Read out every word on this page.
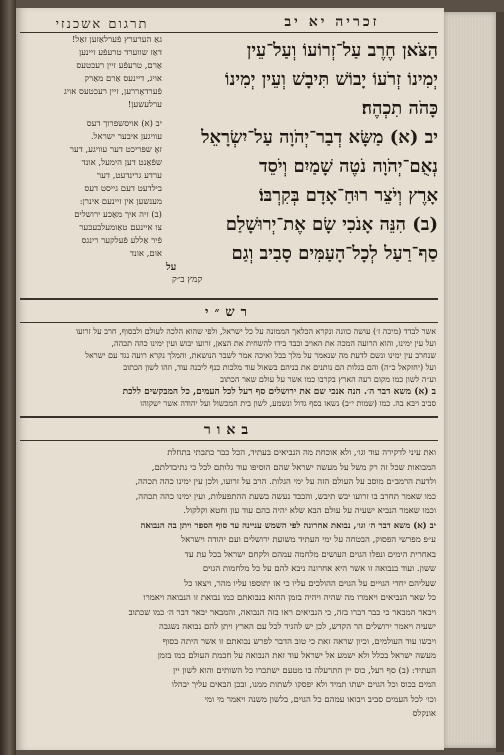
תרגום אשכנזי	זכריה יא יב
הַצֹּאן חֶרֶב עַל־זְרוֹעוֹ וְעַל־עֵין
יְמִינוֹ זְרֹעוֹ יָבוֹשׁ תִּיבָשׁ וְעֵין יְמִינוֹ
כָּהֹה תִכְהֶה׃
יב (א) מַשָּׂא דְבַר־יְהֹוָה עַל־יִשְׂרָאֵל
נְאֻם־יְהֹוָה נֹטֶה שָׁמַיִם וְיֹסֵד
אָרֶץ וְיֹצֵר רוּחַ־אָדָם בְּקִרְבּוֹ׃
(ב) הִנֵּה אָנֹכִי שָׂם אֶת־יְרוּשָׁלַם
סַף־רַעַל לְכָל־הָעַמִּים סָבִיב וְגַם
גאַ הערערץ פֿערלאַזען זאַל!
דאַז שווערד טרעפֿע זיינען
אַרם, טרעפֿע זיין רעכטעס
אויג, דיינעס אַרם מאַרק
פֿערדאָררען, זיין רעכטעס אויג
ערלעשען!
יב (א) אויסשפרוך דעס
עוויגען איבער ישראל.
זאָ שפּריכט דער עוויגע, דער
שפֿאַנט דען הימעל, אונד
ערדע גרינדעט, דער
בילדעט דעם גייסט דעס
מענשען אין זיינעם אינרן:
(ב) זיה איך מאַכע ירושלים
צו איינעם טאַומעלבעכער
פֿיר אַללע פֿעלקער רינגס
אום, אונד
קמץ ב״ק
על
רש״י
אשר לבדד (מיכה ז׳) עושה כוונה ונקרא הכלאך הממונה על כל ישראל, ולפי שהוא הלכה לעולם ולבסוף, חרב על זרועו
ועל עין ימינו, והוא הרועה המכה את האויב וכבד בידו להשחית את הצאן, זרועו יבוש ועין ימינו כהה תכהה,
שנחרב עין ימינו ונשם לדעת מה שנאמר על מלך בבל ואיכה אמר לשבר הנושאת, והמלך נקרא רועה נגד עם ישראל
ועל (יחזקאל כ״ה) והם בגלות הם נותנים את בניהם בשאול עוד מלכות כנף ליבנה עוד, וזהו לשון הכתוב
וע״ה לשון כמו מקום רעה הארץ בקרבו כמו אשר על עולם שאר הכתוב
ב (א) משא דבר ה׳. הנה אנכי שם את ירושלים סף רעל לכל העמים, כל המבקשים ללכת
סביב ויבא בה. כמו (שמות י״ב) נשאו בסף גדול ונשמע, לשון בית המכשול ועל יהודה אשר ישקוהו
באור
ואת עיני לדקירה עוד וגו׳, ולא אוכחת מה הנביאים בעתיד, הכל כבר כתבתי בתחלת
המבואות שכל זה רק משל על מעשה ישראל שהם הוסיפו עוד גלותם לכל כי נתיבדלתם,
ולדעת הרמב״ם מוסב על העולם הזה על ימי הגלות. הרב על זרועו, ולכן עין ימינו כהה תכהה,
כמו שאמר תחרב בו זרועו יבש תיבש, והכבד נעשה בשעת ההתפעלות, ועין ימינו כהה תכהה,
וכמו שאמר הנביא ישעיה על עולם הבא שלא יהיה בהם עוד עון וחטא וקלקול.
יב (א) משא דבר ה׳ וגו׳, נבואת אחרונה לפי השמש עניינה עד סוף הספר ויתן בה הנבואה
ע״פ מפרשי הפסוק, הבטחה על ימי העתיד משועת ירושלים ועם יהודה וישראל
באחרית הימים ונפלו הגוים העושים מלחמה עמהם ולקחם ישראל בכל עת עד
ששון. ועוד בנבואה זו אשר היא אחרונה ניבא להם על כל מלחמות הגוים
שעליהם יחדי הגויים על הגוים ההולכים עליו כי אז יתוספו עליו מהר, ויצאו כל
כל שאר הנביאים ויאמרו מה שהיה ויהיה בזמן ההוא בנבואתם כמו נבואת זו הנבואה ויאמרו
ויבאר המבאר כי כבר דברו בזה, כי הנביאים ראו בזה הנבואה, והמבאר יבאר דבר ה׳ כמו שכתוב
ישעיה ויאמר ירושלים הר הקדש, לכן יש להגיד לכל עם הארץ ויתן להם נבואה נשגבה
ויבשו עוד העולמים, וכיון שראה זאת כי טוב הדבר לפרש נבואתם זו אשר היתה בסוף
מעשה ישראל בכלל ולא ישמע אל ישראל עוד זאת הנבואה על חכמת העולם כמו בזמן
העתיד: (ב) סף רעל, כוס יין התרעלה בו מטעם ישתכרו כל השותים והוא לשון יין
המים בכוס וכל הגוים ישתו תמיד ולא יפסקו לשתות ממנו, ובכן הבאים עליך יבהלו
וכו׳ לכל העמים סביב ויבואו עמהם כל הגוים, בלשון משנה ויאמר מי ומי
אונקלס
